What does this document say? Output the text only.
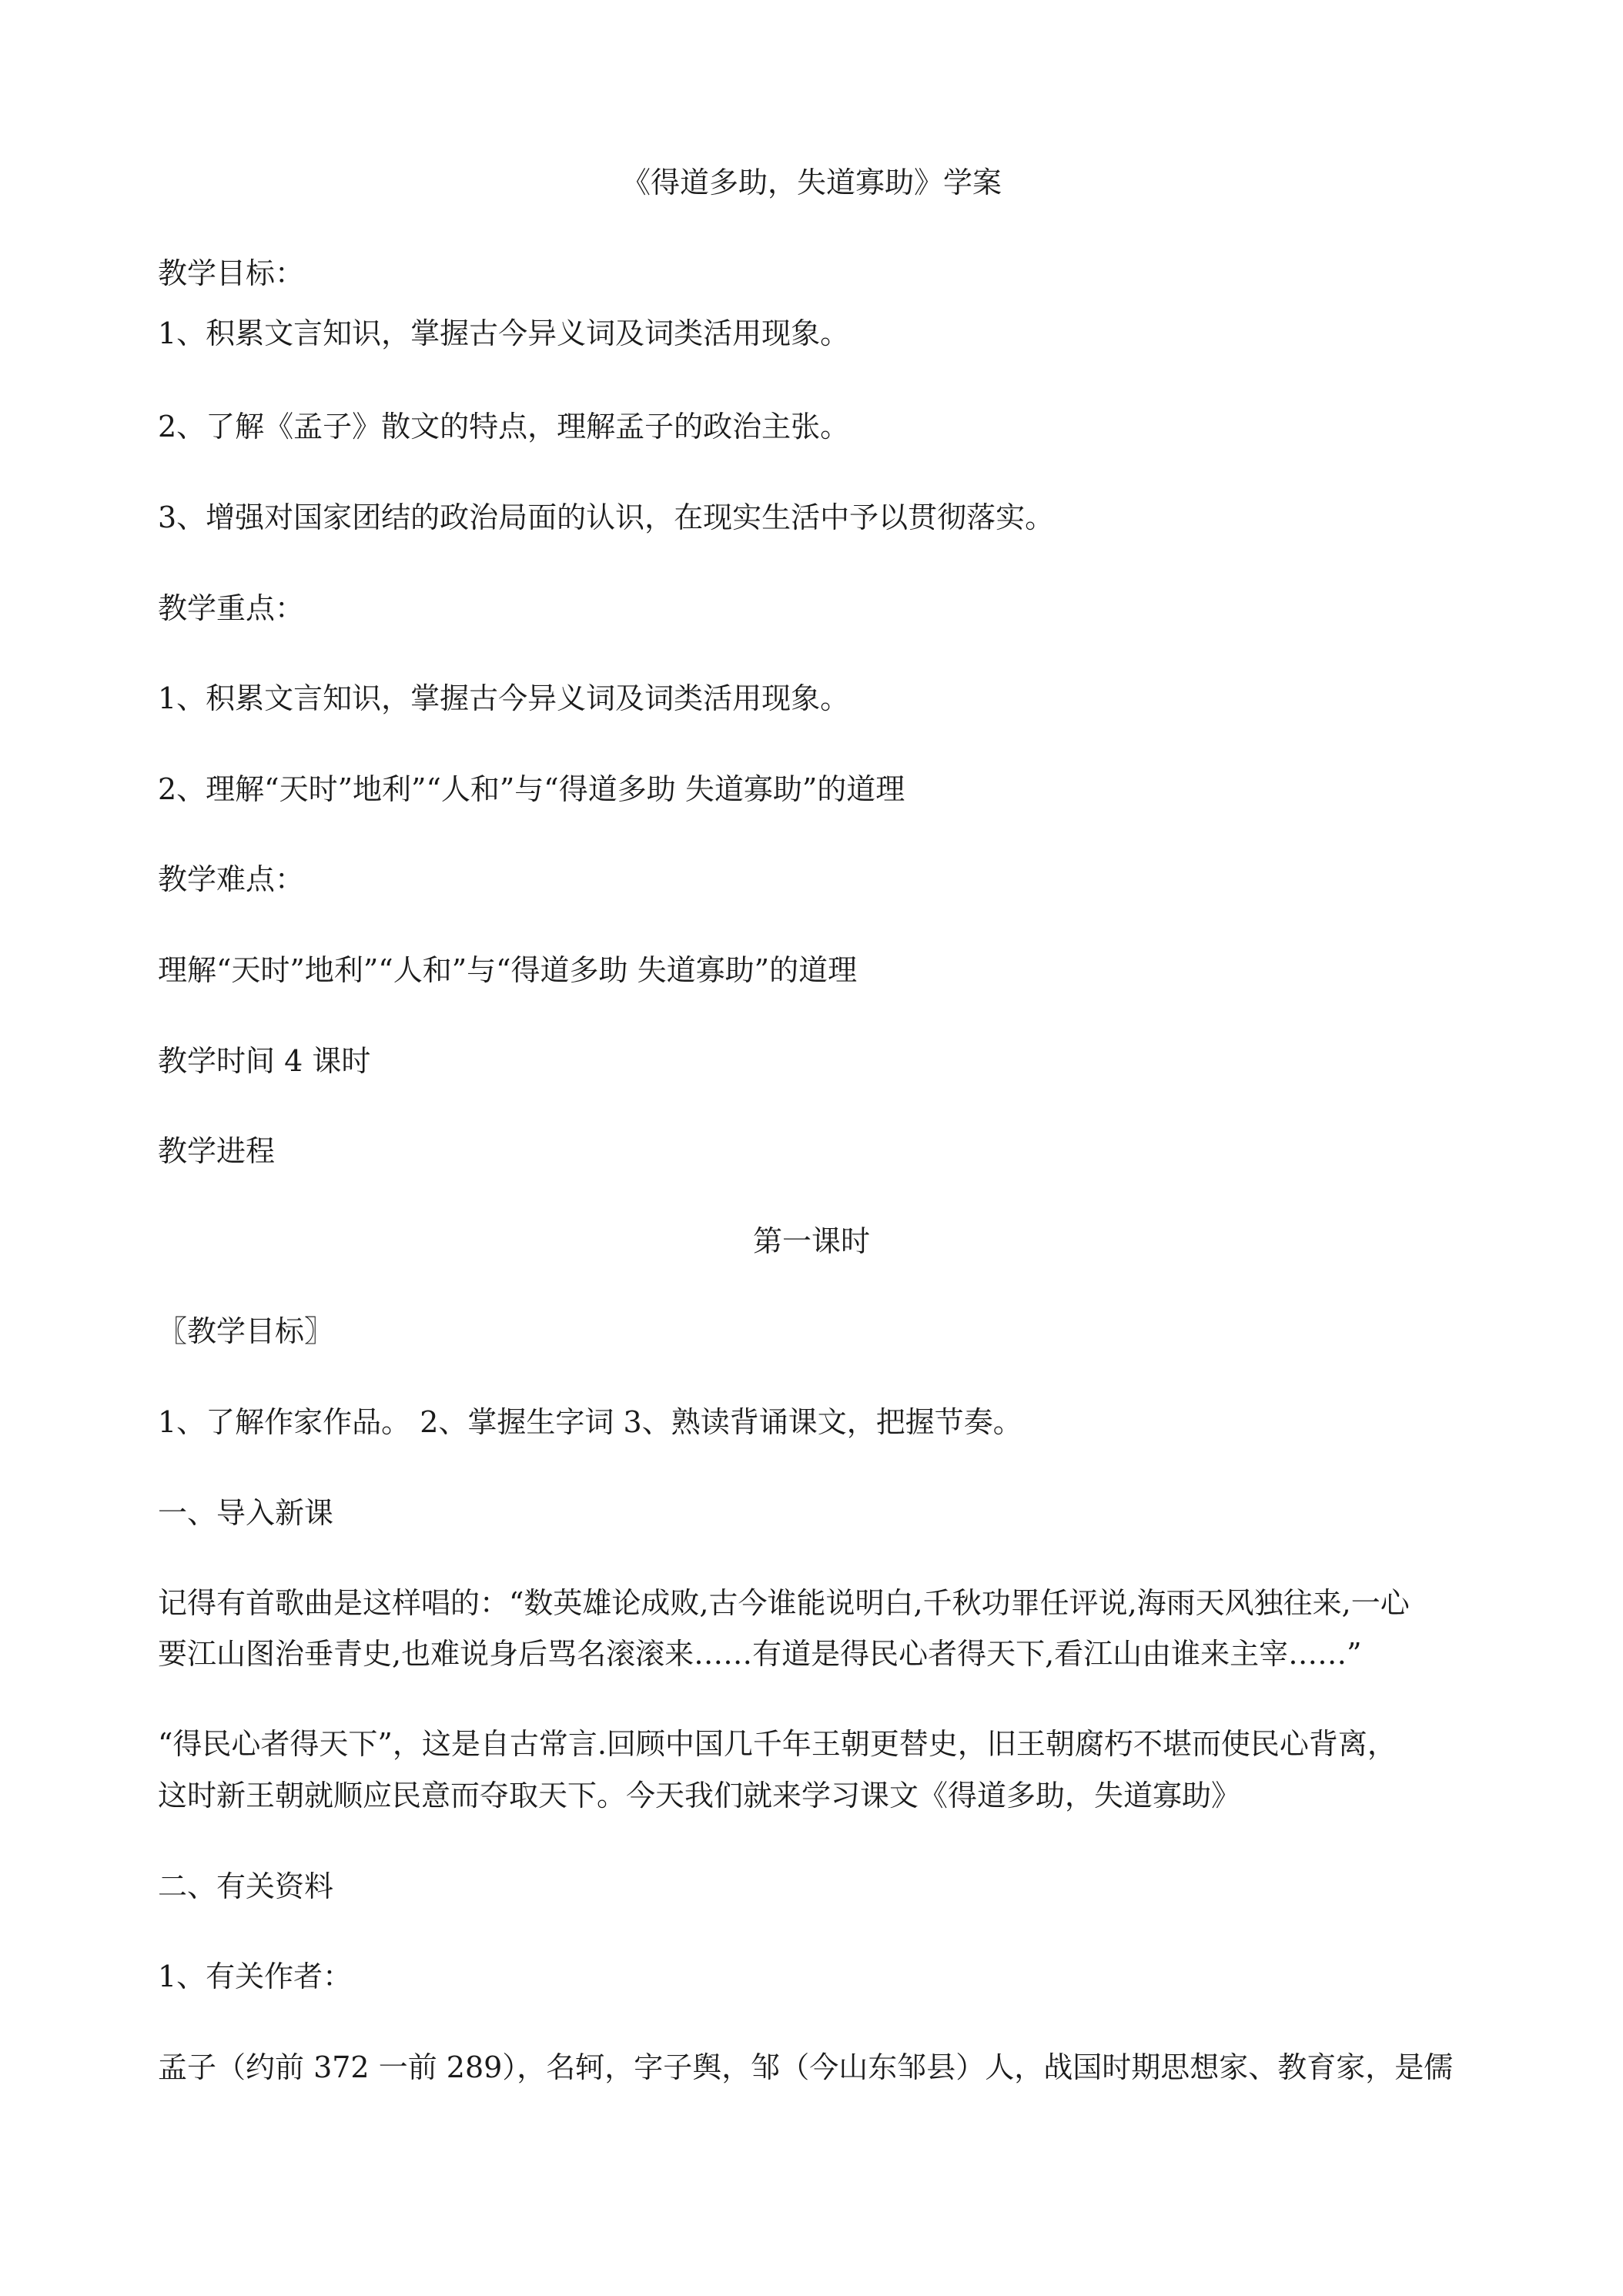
《得道多助，失道寡助》学案
教学目标：
1、积累文言知识，掌握古今异义词及词类活用现象。
2、了解《孟子》散文的特点，理解孟子的政治主张。
3、增强对国家团结的政治局面的认识，在现实生活中予以贯彻落实。
教学重点：
1、积累文言知识，掌握古今异义词及词类活用现象。
2、理解“天时”地利”“人和”与“得道多助 失道寡助”的道理
教学难点：
理解“天时”地利”“人和”与“得道多助 失道寡助”的道理
教学时间 4 课时
教学进程
第一课时
〖教学目标〗
1、了解作家作品。 2、掌握生字词 3、熟读背诵课文，把握节奏。
一、导入新课
记得有首歌曲是这样唱的：“数英雄论成败,古今谁能说明白,千秋功罪任评说,海雨天风独往来,一心
要江山图治垂青史,也难说身后骂名滚滚来……有道是得民心者得天下,看江山由谁来主宰……”
“得民心者得天下”，这是自古常言.回顾中国几千年王朝更替史，旧王朝腐朽不堪而使民心背离，
这时新王朝就顺应民意而夺取天下。今天我们就来学习课文《得道多助，失道寡助》
二、有关资料
1、有关作者：
孟子（约前 372 一前 289），名轲，字子舆，邹（今山东邹县）人，战国时期思想家、教育家，是儒
